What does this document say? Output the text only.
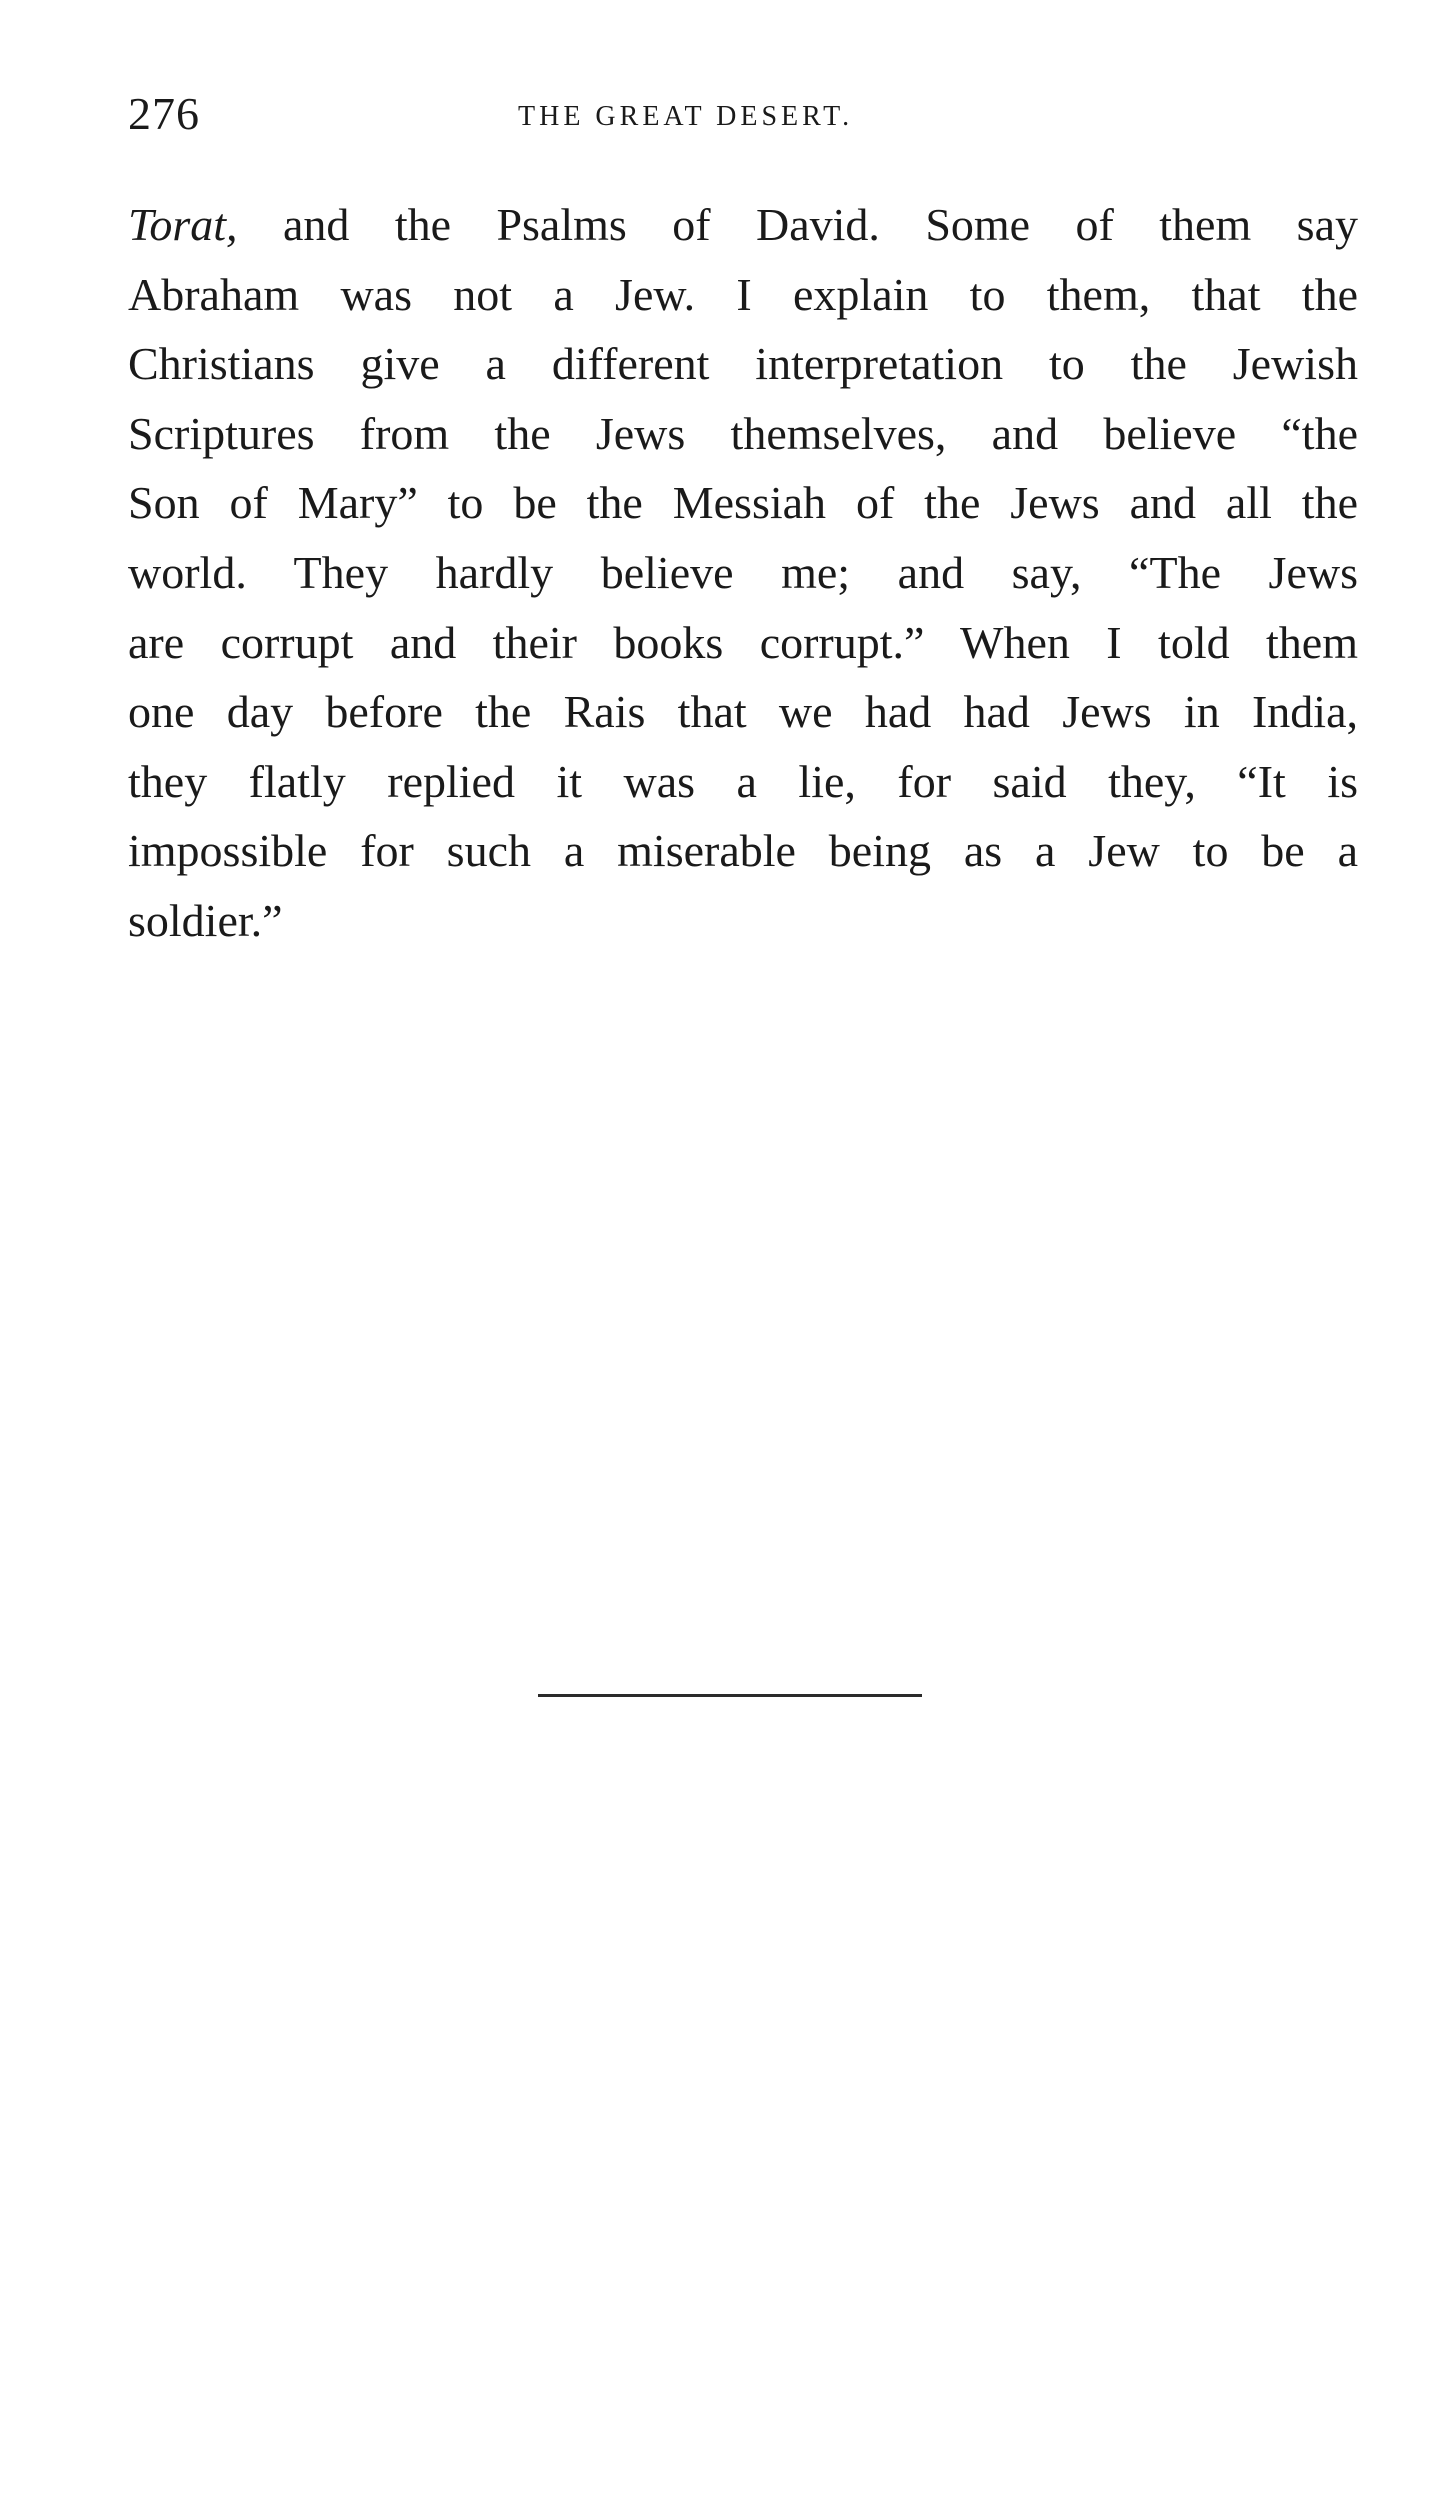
276	THE GREAT DESERT.
Torat, and the Psalms of David. Some of them say
Abraham was not a Jew. I explain to them, that the
Christians give a different interpretation to the Jewish
Scriptures from the Jews themselves, and believe “the
Son of Mary” to be the Messiah of the Jews and all the
world. They hardly believe me; and say, “The Jews
are corrupt and their books corrupt.” When I told them
one day before the Rais that we had had Jews in India,
they flatly replied it was a lie, for said they, “It is
impossible for such a miserable being as a Jew to be a
soldier.”
